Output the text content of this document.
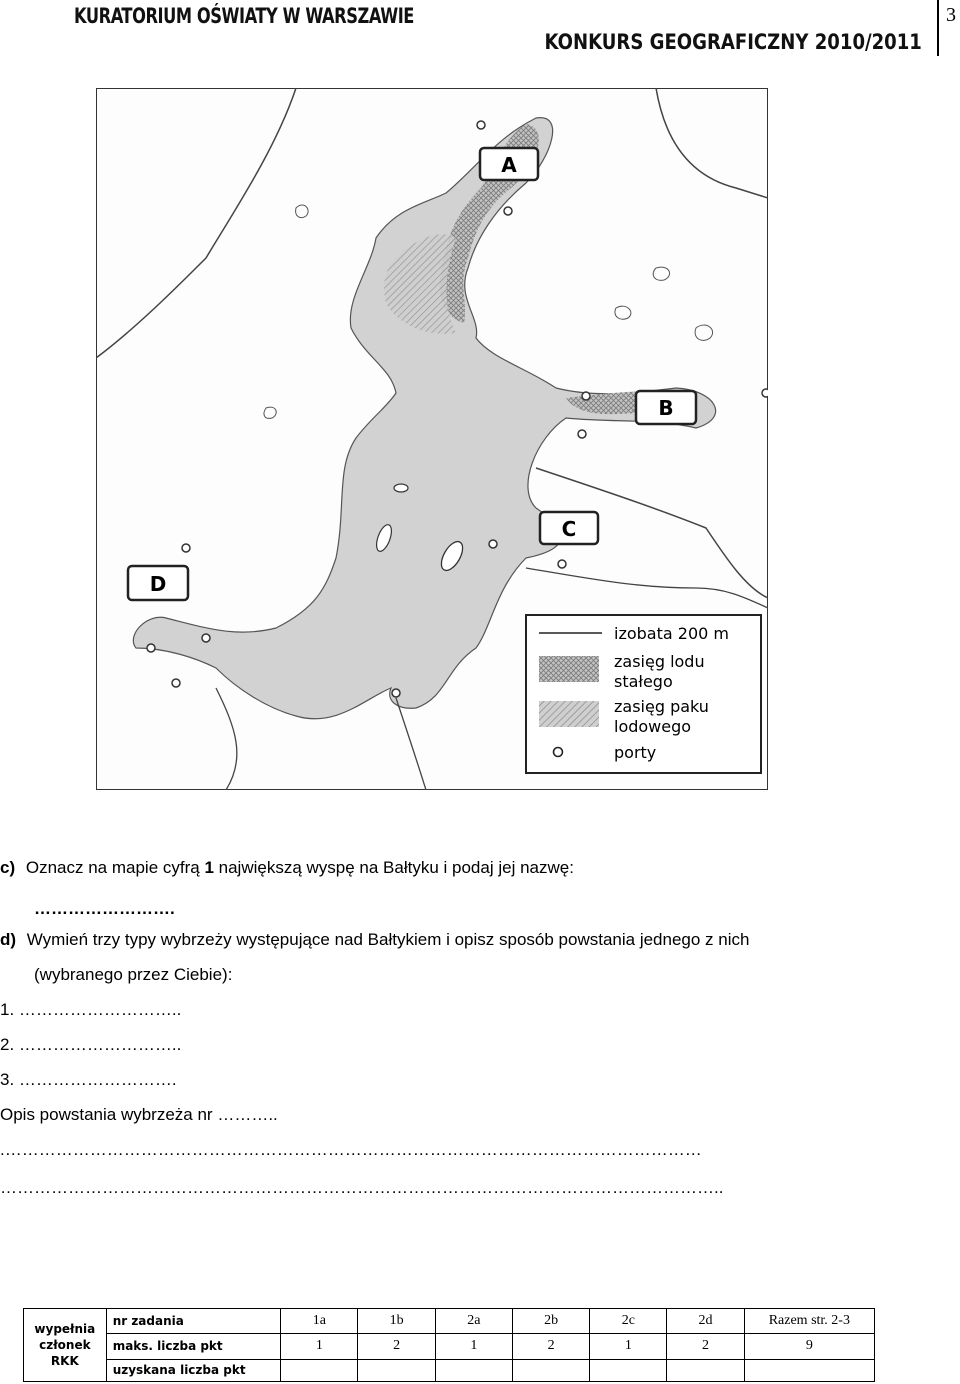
KURATORIUM OŚWIATY W WARSZAWIE
KONKURS GEOGRAFICZNY 2010/2011
3
A
B
C
D
izobata 200 m
zasięg lodu
stałego
zasięg paku
lodowego
porty
c) Oznacz na mapie cyfrą 1 największą wyspę na Bałtyku i podaj jej nazwę:
…………………….
d) Wymień trzy typy wybrzeży występujące nad Bałtykiem i opisz sposób powstania jednego z nich
(wybranego przez Ciebie):
1. ………………………..
2. ………………………..
3. ……………………….
Opis powstania wybrzeża nr ………..
.……………………………………………………………………………………………………………
………………………………………………………………………………………………………………..
wypełnia
członek
RKK	nr zadania	1a	1b	2a	2b	2c	2d	Razem str. 2-3
	maks. liczba pkt	1	2	1	2	1	2	9
	uzyskana liczba pkt							
